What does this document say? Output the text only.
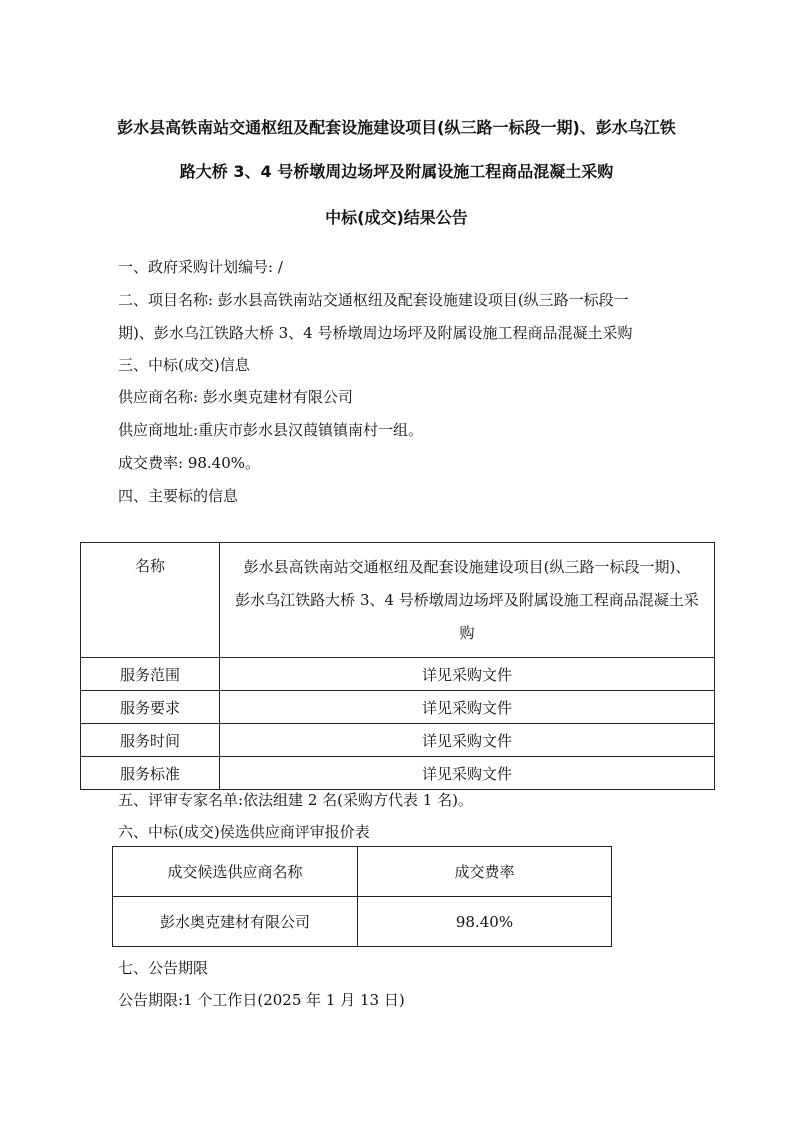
彭水县高铁南站交通枢纽及配套设施建设项目(纵三路一标段一期)、彭水乌江铁
路大桥 3、4 号桥墩周边场坪及附属设施工程商品混凝土采购
中标(成交)结果公告
一、政府采购计划编号: /
二、项目名称: 彭水县高铁南站交通枢纽及配套设施建设项目(纵三路一标段一
期)、彭水乌江铁路大桥 3、4 号桥墩周边场坪及附属设施工程商品混凝土采购
三、中标(成交)信息
供应商名称: 彭水奥克建材有限公司
供应商地址:重庆市彭水县汉葭镇镇南村一组。
成交费率: 98.40%。
四、主要标的信息
名称	彭水县高铁南站交通枢纽及配套设施建设项目(纵三路一标段一期)、
彭水乌江铁路大桥 3、4 号桥墩周边场坪及附属设施工程商品混凝土采
购

服务范围	详见采购文件
服务要求	详见采购文件
服务时间	详见采购文件
服务标准	详见采购文件
五、评审专家名单:依法组建 2 名(采购方代表 1 名)。
六、中标(成交)侯选供应商评审报价表
成交候选供应商名称	成交费率
彭水奥克建材有限公司	98.40%
七、公告期限
公告期限:1 个工作日(2025 年 1 月 13 日)
